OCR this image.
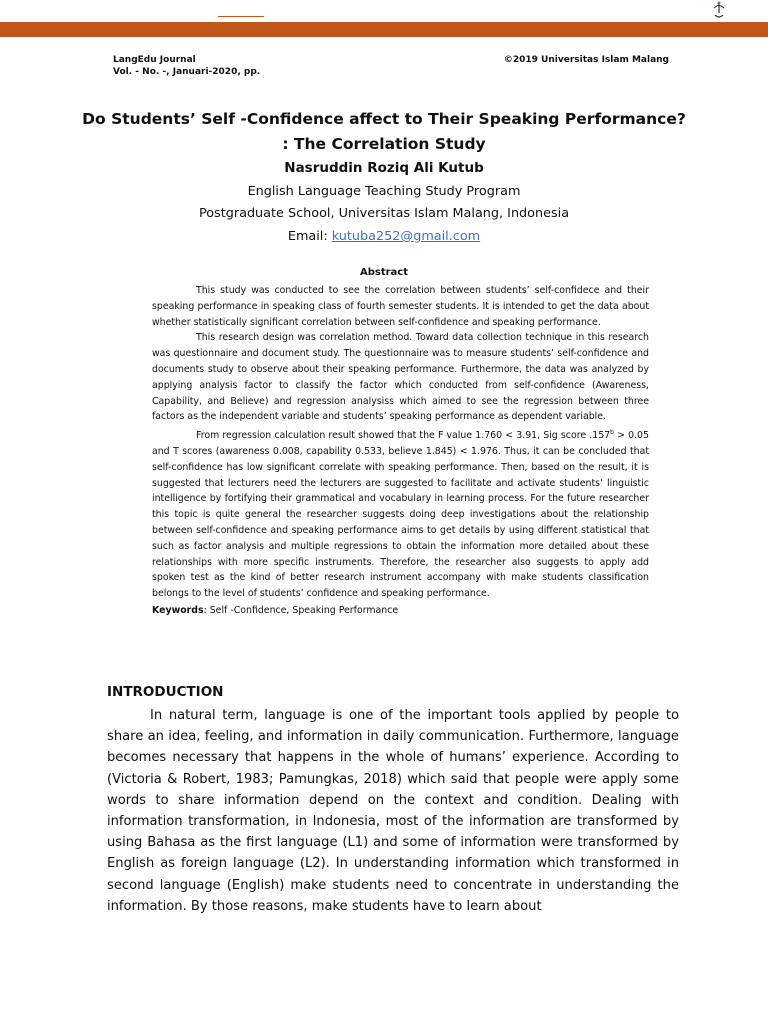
LangEdu Journal
Vol. - No. -, Januari-2020, pp.
©2019 Universitas Islam Malang
Do Students’ Self -Confidence affect to Their Speaking Performance?
: The Correlation Study
Nasruddin Roziq Ali Kutub
English Language Teaching Study Program
Postgraduate School, Universitas Islam Malang, Indonesia
Email: kutuba252@gmail.com
Abstract

This study was conducted to see the correlation between students’ self-confidece and their speaking performance in speaking class of fourth semester students. It is intended to get the data about whether statistically significant correlation between self-confidence and speaking performance.

This research design was correlation method. Toward data collection technique in this research was questionnaire and document study. The questionnaire was to measure students’ self-confidence and documents study to observe about their speaking performance. Furthermore, the data was analyzed by applying analysis factor to classify the factor which conducted from self-confidence (Awareness, Capability, and Believe) and regression analysiss which aimed to see the regression between three factors as the independent variable and students’ speaking performance as dependent variable.

From regression calculation result showed that the F value 1.760 < 3.91, Sig score .157$^b$ > 0.05 and T scores (awareness 0.008, capability 0.533, believe 1.845) < 1.976. Thus, it can be concluded that self-confidence has low significant correlate with speaking performance. Then, based on the result, it is suggested that lecturers need the lecturers are suggested to facilitate and activate students’ linguistic intelligence by fortifying their grammatical and vocabulary in learning process. For the future researcher this topic is quite general the researcher suggests doing deep investigations about the relationship between self-confidence and speaking performance aims to get details by using different statistical that such as factor analysis and multiple regressions to obtain the information more detailed about these relationships with more specific instruments. Therefore, the researcher also suggests to apply add spoken test as the kind of better research instrument accompany with make students classification belongs to the level of students’ confidence and speaking performance.

Keywords: Self -Confidence, Speaking Performance
INTRODUCTION

In natural term, language is one of the important tools applied by people to share an idea, feeling, and information in daily communication. Furthermore, language becomes necessary that happens in the whole of humans’ experience. According to (Victoria & Robert, 1983; Pamungkas, 2018) which said that people were apply some words to share information depend on the context and condition. Dealing with information transformation, in Indonesia, most of the information are transformed by using Bahasa as the first language (L1) and some of information were transformed by English as foreign language (L2). In understanding information which transformed in second language (English) make students need to concentrate in understanding the information. By those reasons, make students have to learn about
